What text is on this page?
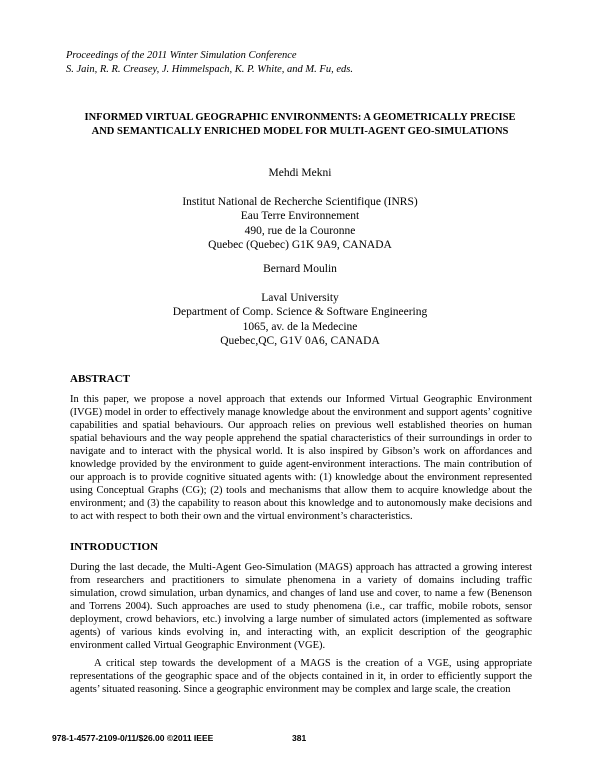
Proceedings of the 2011 Winter Simulation Conference
S. Jain, R. R. Creasey, J. Himmelspach, K. P. White, and M. Fu, eds.
INFORMED VIRTUAL GEOGRAPHIC ENVIRONMENTS: A GEOMETRICALLY PRECISE
AND SEMANTICALLY ENRICHED MODEL FOR MULTI-AGENT GEO-SIMULATIONS
Mehdi Mekni
Institut National de Recherche Scientifique (INRS)
Eau Terre Environnement
490, rue de la Couronne
Quebec (Quebec) G1K 9A9, CANADA
Bernard Moulin
Laval University
Department of Comp. Science & Software Engineering
1065, av. de la Medecine
Quebec,QC, G1V 0A6, CANADA
ABSTRACT
In this paper, we propose a novel approach that extends our Informed Virtual Geographic Environment (IVGE) model in order to effectively manage knowledge about the environment and support agents’ cognitive capabilities and spatial behaviours. Our approach relies on previous well established theories on human spatial behaviours and the way people apprehend the spatial characteristics of their surroundings in order to navigate and to interact with the physical world. It is also inspired by Gibson’s work on affordances and knowledge provided by the environment to guide agent-environment interactions. The main contribution of our approach is to provide cognitive situated agents with: (1) knowledge about the environment represented using Conceptual Graphs (CG); (2) tools and mechanisms that allow them to acquire knowledge about the environment; and (3) the capability to reason about this knowledge and to autonomously make decisions and to act with respect to both their own and the virtual environment’s characteristics.
INTRODUCTION
During the last decade, the Multi-Agent Geo-Simulation (MAGS) approach has attracted a growing interest from researchers and practitioners to simulate phenomena in a variety of domains including traffic simulation, crowd simulation, urban dynamics, and changes of land use and cover, to name a few (Benenson and Torrens 2004). Such approaches are used to study phenomena (i.e., car traffic, mobile robots, sensor deployment, crowd behaviors, etc.) involving a large number of simulated actors (implemented as software agents) of various kinds evolving in, and interacting with, an explicit description of the geographic environment called Virtual Geographic Environment (VGE).
A critical step towards the development of a MAGS is the creation of a VGE, using appropriate representations of the geographic space and of the objects contained in it, in order to efficiently support the agents’ situated reasoning. Since a geographic environment may be complex and large scale, the creation
978-1-4577-2109-0/11/$26.00 ©2011 IEEE	381
